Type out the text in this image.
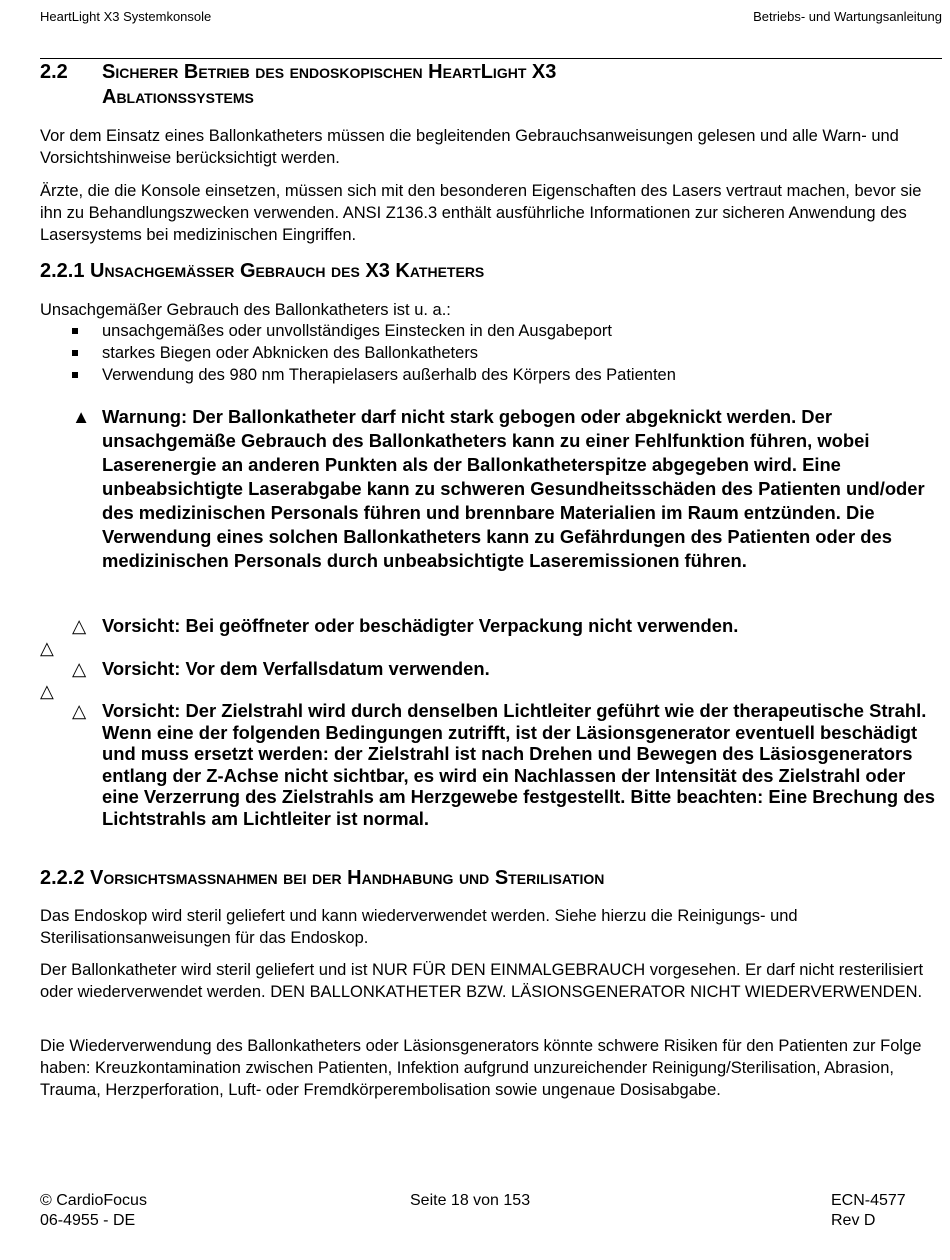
HeartLight X3 Systemkonsole	Betriebs- und Wartungsanleitung
2.2	Sicherer Betrieb des endoskopischen HeartLight X3
Ablationssystems
Vor dem Einsatz eines Ballonkatheters müssen die begleitenden Gebrauchsanweisungen gelesen und alle Warn- und Vorsichtshinweise berücksichtigt werden.
Ärzte, die die Konsole einsetzen, müssen sich mit den besonderen Eigenschaften des Lasers vertraut machen, bevor sie ihn zu Behandlungszwecken verwenden. ANSI Z136.3 enthält ausführliche Informationen zur sicheren Anwendung des Lasersystems bei medizinischen Eingriffen.
2.2.1 Unsachgemäßer Gebrauch des X3 Katheters
Unsachgemäßer Gebrauch des Ballonkatheters ist u. a.:
unsachgemäßes oder unvollständiges Einstecken in den Ausgabeport
starkes Biegen oder Abknicken des Ballonkatheters
Verwendung des 980 nm Therapielasers außerhalb des Körpers des Patienten
▲ Warnung: Der Ballonkatheter darf nicht stark gebogen oder abgeknickt werden. Der unsachgemäße Gebrauch des Ballonkatheters kann zu einer Fehlfunktion führen, wobei Laserenergie an anderen Punkten als der Ballonkatheterspitze abgegeben wird. Eine unbeabsichtigte Laserabgabe kann zu schweren Gesundheitsschäden des Patienten und/oder des medizinischen Personals führen und brennbare Materialien im Raum entzünden. Die Verwendung eines solchen Ballonkatheters kann zu Gefährdungen des Patienten oder des medizinischen Personals durch unbeabsichtigte Laseremissionen führen.
△ Vorsicht: Bei geöffneter oder beschädigter Verpackung nicht verwenden.
△
△ Vorsicht: Vor dem Verfallsdatum verwenden.
△
△ Vorsicht: Der Zielstrahl wird durch denselben Lichtleiter geführt wie der therapeutische Strahl. Wenn eine der folgenden Bedingungen zutrifft, ist der Läsionsgenerator eventuell beschädigt und muss ersetzt werden: der Zielstrahl ist nach Drehen und Bewegen des Läsiosgenerators entlang der Z-Achse nicht sichtbar, es wird ein Nachlassen der Intensität des Zielstrahl oder eine Verzerrung des Zielstrahls am Herzgewebe festgestellt. Bitte beachten: Eine Brechung des Lichtstrahls am Lichtleiter ist normal.
2.2.2 Vorsichtsmaßnahmen bei der Handhabung und Sterilisation
Das Endoskop wird steril geliefert und kann wiederverwendet werden. Siehe hierzu die Reinigungs- und Sterilisationsanweisungen für das Endoskop.
Der Ballonkatheter wird steril geliefert und ist NUR FÜR DEN EINMALGEBRAUCH vorgesehen. Er darf nicht resterilisiert oder wiederverwendet werden. DEN BALLONKATHETER BZW. LÄSIONSGENERATOR NICHT WIEDERVERWENDEN.
Die Wiederverwendung des Ballonkatheters oder Läsionsgenerators könnte schwere Risiken für den Patienten zur Folge haben: Kreuzkontamination zwischen Patienten, Infektion aufgrund unzureichender Reinigung/Sterilisation, Abrasion, Trauma, Herzperforation, Luft- oder Fremdkörperembolisation sowie ungenaue Dosisabgabe.
© CardioFocus
06-4955 - DE
Seite 18 von 153	ECN-4577
Rev D
